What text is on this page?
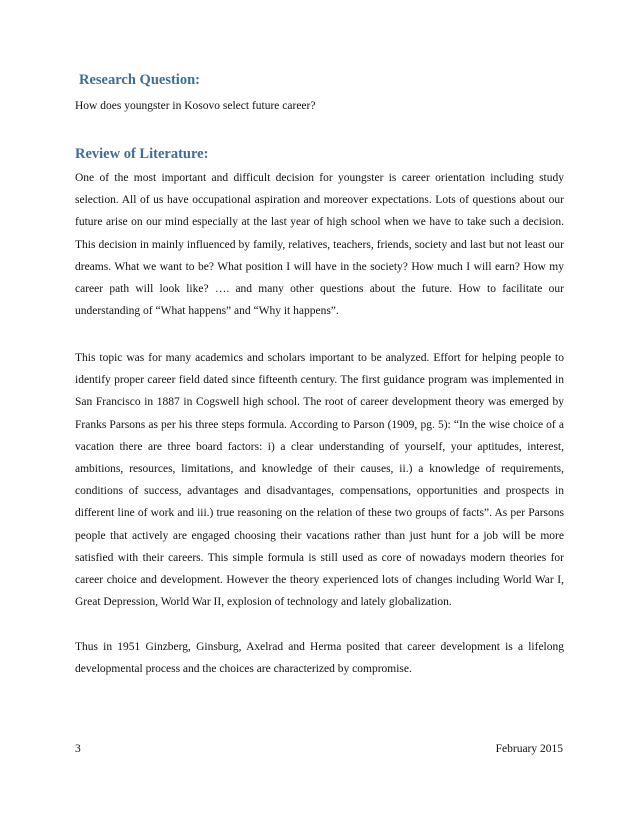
Research Question:

How does youngster in Kosovo select future career?

Review of Literature:

One of the most important and difficult decision for youngster is career orientation including study selection. All of us have occupational aspiration and moreover expectations. Lots of questions about our future arise on our mind especially at the last year of high school when we have to take such a decision. This decision in mainly influenced by family, relatives, teachers, friends, society and last but not least our dreams. What we want to be? What position I will have in the society? How much I will earn? How my career path will look like? …. and many other questions about the future. How to facilitate our understanding of “What happens” and “Why it happens”.

This topic was for many academics and scholars important to be analyzed. Effort for helping people to identify proper career field dated since fifteenth century. The first guidance program was implemented in San Francisco in 1887 in Cogswell high school. The root of career development theory was emerged by Franks Parsons as per his three steps formula. According to Parson (1909, pg. 5): “In the wise choice of a vacation there are three board factors: i) a clear understanding of yourself, your aptitudes, interest, ambitions, resources, limitations, and knowledge of their causes, ii.) a knowledge of requirements, conditions of success, advantages and disadvantages, compensations, opportunities and prospects in different line of work and iii.) true reasoning on the relation of these two groups of facts”. As per Parsons people that actively are engaged choosing their vacations rather than just hunt for a job will be more satisfied with their careers. This simple formula is still used as core of nowadays modern theories for career choice and development. However the theory experienced lots of changes including World War I, Great Depression, World War II, explosion of technology and lately globalization.

Thus in 1951 Ginzberg, Ginsburg, Axelrad and Herma posited that career development is a lifelong developmental process and the choices are characterized by compromise.

3	February 2015
